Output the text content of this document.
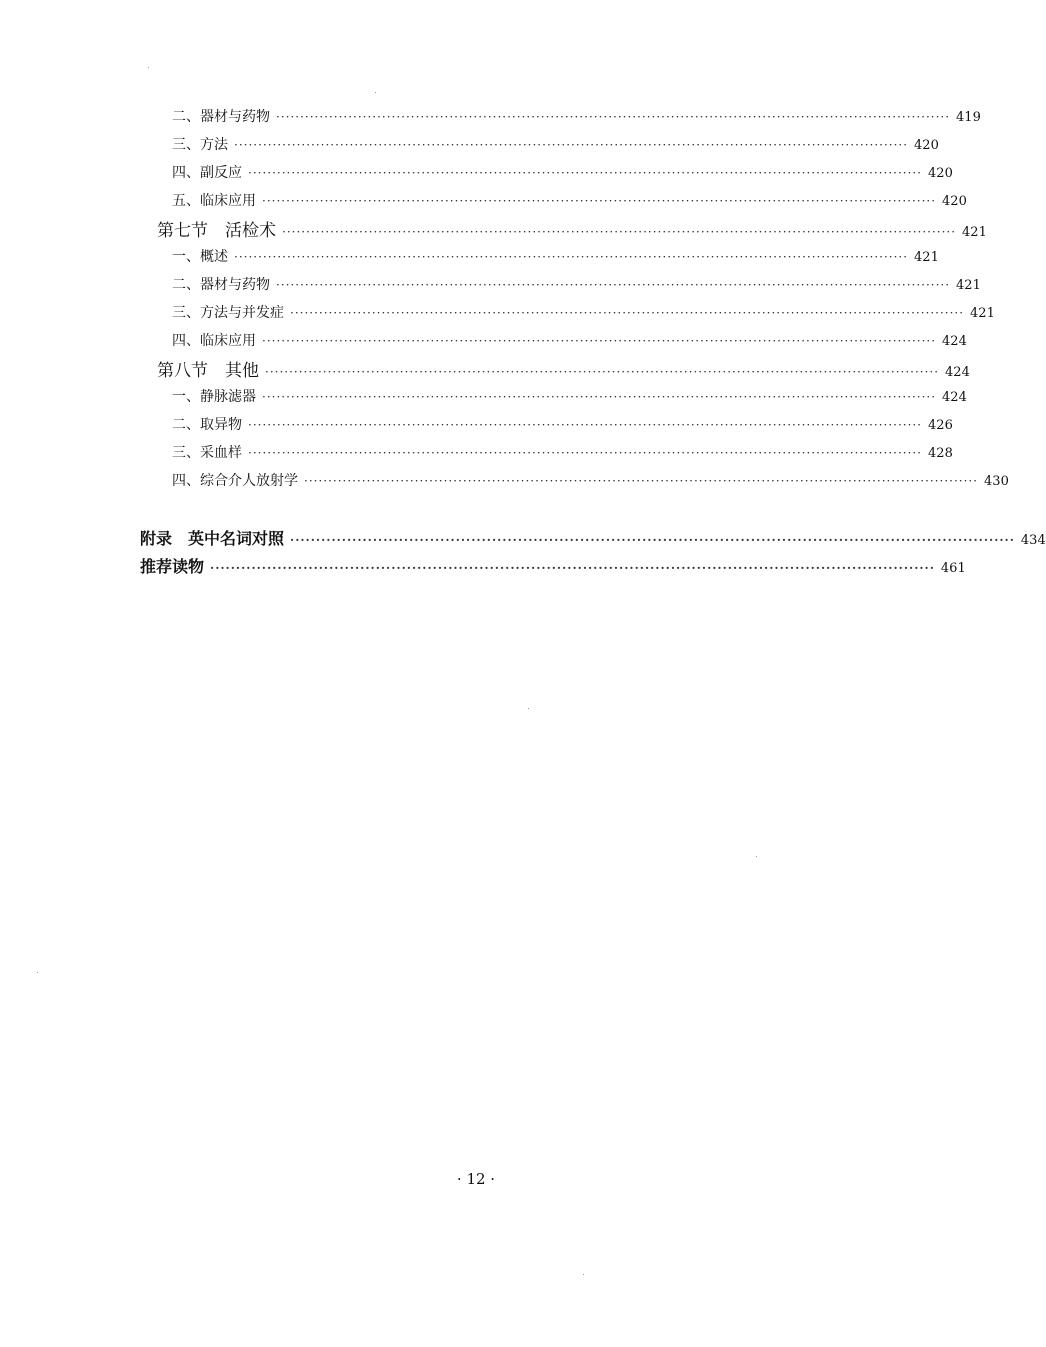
二、器材与药物 ············································································································································ 419
三、方法 ············································································································································ 420
四、副反应 ············································································································································ 420
五、临床应用 ············································································································································ 420
第七节　活检术 ············································································································································ 421
一、概述 ············································································································································ 421
二、器材与药物 ············································································································································ 421
三、方法与并发症 ············································································································································ 421
四、临床应用 ············································································································································ 424
第八节　其他 ············································································································································ 424
一、静脉滤器 ············································································································································ 424
二、取异物 ············································································································································ 426
三、采血样 ············································································································································ 428
四、综合介人放射学 ············································································································································ 430
附录　英中名词对照 ············································································································································ 434
推荐读物 ············································································································································ 461
· 12 ·
